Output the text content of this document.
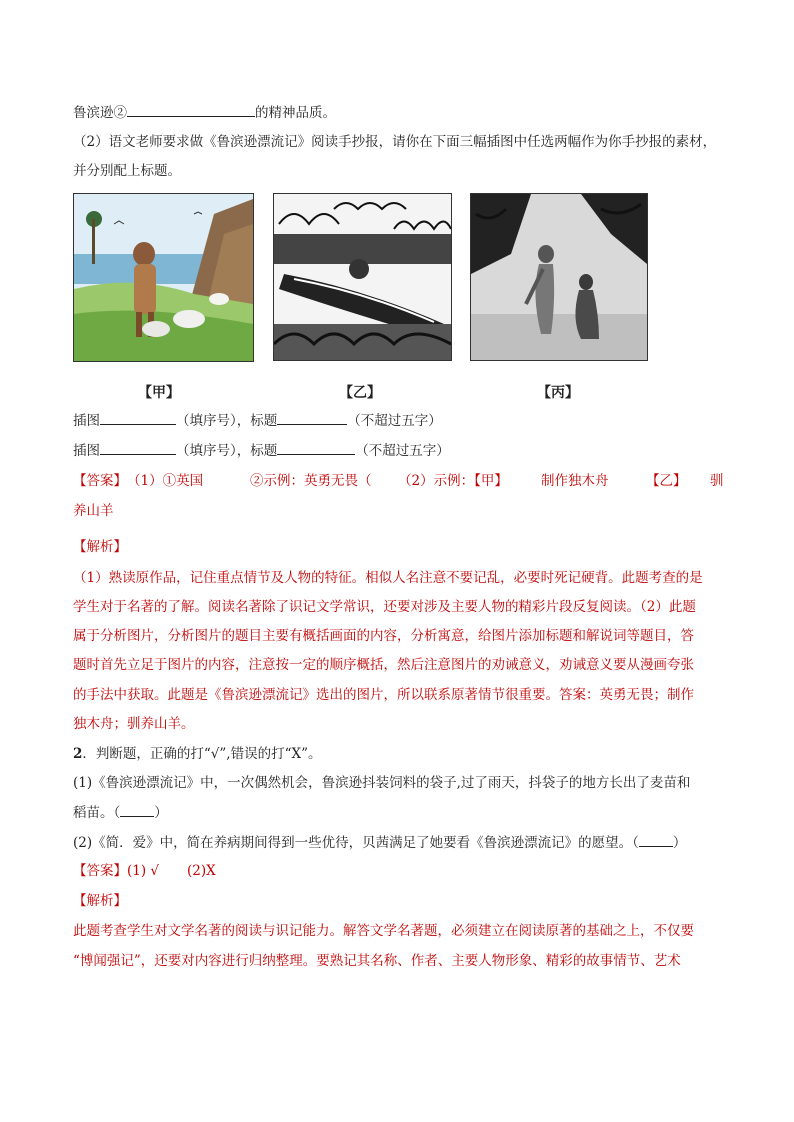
鲁滨逊②	的精神品质。
（2）语文老师要求做《鲁滨逊漂流记》阅读手抄报，请你在下面三幅插图中任选两幅作为你手抄报的素材，
并分别配上标题。
【甲】	【乙】	【丙】
插图	（填序号），标题	（不超过五字）
插图	（填序号），标题	（不超过五字）
【答案】（1）①英国	②示例：英勇无畏（ （2）示例：【甲】 制作独木舟	【乙】 驯
养山羊
【解析】
（1）熟读原作品，记住重点情节及人物的特征。相似人名注意不要记乱，必要时死记硬背。此题考查的是
学生对于名著的了解。阅读名著除了识记文学常识，还要对涉及主要人物的精彩片段反复阅读。（2）此题
属于分析图片，分析图片的题目主要有概括画面的内容，分析寓意，给图片添加标题和解说词等题目，答
题时首先立足于图片的内容，注意按一定的顺序概括，然后注意图片的劝诫意义，劝诫意义要从漫画夸张
的手法中获取。此题是《鲁滨逊漂流记》选出的图片，所以联系原著情节很重要。答案：英勇无畏；制作
独木舟；驯养山羊。
2．判断题，正确的打“√”,错误的打“X”。
(1)《鲁滨逊漂流记》中，一次偶然机会，鲁滨逊抖装饲料的袋子,过了雨天，抖袋子的地方长出了麦苗和
稻苗。（	）
(2)《简．爱》中，简在养病期间得到一些优待，贝茜满足了她要看《鲁滨逊漂流记》的愿望。（	）
【答案】(1) √ (2)X
【解析】
此题考查学生对文学名著的阅读与识记能力。解答文学名著题，必须建立在阅读原著的基础之上，不仅要
“博闻强记”，还要对内容进行归纳整理。要熟记其名称、作者、主要人物形象、精彩的故事情节、艺术
